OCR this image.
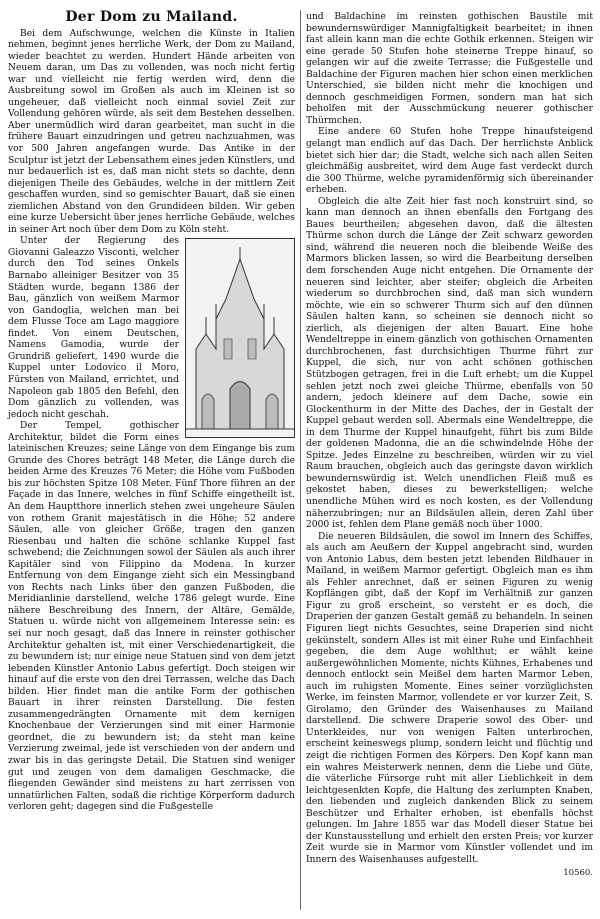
Der Dom zu Mailand.

Bei dem Aufschwunge, welchen die Künste in Italien nehmen, beginnt jenes herrliche Werk, der Dom zu Mailand, wieder beachtet zu werden. Hundert Hände arbeiten von Neuem daran, um Das zu vollenden, was noch nicht fertig war und vielleicht nie fertig werden wird, denn die Ausbreitung sowol im Großen als auch im Kleinen ist so ungeheuer, daß vielleicht noch einmal soviel Zeit zur Vollendung gehören würde, als seit dem Bestehen desselben. Aber unermüdlich wird daran gearbeitet, man sucht in die frühere Bauart einzudringen und getreu nachzuahmen, was vor 500 Jahren angefangen wurde. Das Antike in der Sculptur ist jetzt der Lebensathem eines jeden Künstlers, und nur bedauerlich ist es, daß man nicht stets so dachte, denn diejenigen Theile des Gebäudes, welche in der mittlern Zeit geschaffen wurden, sind so gemischter Bauart, daß sie einen ziemlichen Abstand von den Grundideen bilden. Wir geben eine kurze Uebersicht über jenes herrliche Gebäude, welches in seiner Art noch über dem Dom zu Köln steht.

Unter der Regierung des Giovanni Galeazzo Visconti, welcher durch den Tod seines Onkels Barnabo alleiniger Besitzer von 35 Städten wurde, begann 1386 der Bau, gänzlich von weißem Marmor von Gandoglia, welchen man bei dem Flusse Toce am Lago maggiore findet. Von einem Deutschen, Namens Gamodia, wurde der Grundriß geliefert, 1490 wurde die Kuppel unter Lodovico il Moro, Fürsten von Mailand, errichtet, und Napoleon gab 1805 den Befehl, den Dom gänzlich zu vollenden, was jedoch nicht geschah.

Der Tempel, gothischer Architektur, bildet die Form eines lateinischen Kreuzes; seine Länge von dem Eingange bis zum Grunde des Chores beträgt 148 Meter, die Länge durch die beiden Arme des Kreuzes 76 Meter; die Höhe vom Fußboden bis zur höchsten Spitze 108 Meter. Fünf Thore führen an der Façade in das Innere, welches in fünf Schiffe eingetheilt ist. An dem Hauptthore innerlich stehen zwei ungeheure Säulen von rothem Granit majestätisch in die Höhe; 52 andere Säulen, alle von gleicher Größe, tragen den ganzen Riesenbau und halten die schöne schlanke Kuppel fast schwebend; die Zeichnungen sowol der Säulen als auch ihrer Kapitäler sind von Filippino da Modena. In kurzer Entfernung von dem Eingange zieht sich ein Messingband von Rechts nach Links über den ganzen Fußboden, die Meridianlinie darstellend, welche 1786 gelegt wurde. Eine nähere Beschreibung des Innern, der Altäre, Gemälde, Statuen u. würde nicht von allgemeinem Interesse sein: es sei nur noch gesagt, daß das Innere in reinster gothischer Architektur gehalten ist, mit einer Verschiedenartigkeit, die zu bewundern ist; nur einige neue Statuen sind von dem jetzt lebenden Künstler Antonio Labus gefertigt. Doch steigen wir hinauf auf die erste von den drei Terrassen, welche das Dach bilden. Hier findet man die antike Form der gothischen Bauart in ihrer reinsten Darstellung. Die festen zusammengedrängten Ornamente mit dem kernigen Knochenbaue der Verzierungen sind mit einer Harmonie geordnet, die zu bewundern ist; da steht man keine Verzierung zweimal, jede ist verschieden von der andern und zwar bis in das geringste Detail. Die Statuen sind weniger gut und zeugen von dem damaligen Geschmacke, die fliegenden Gewänder sind meistens zu hart zerrissen von unnatürlichen Falten, sodaß die richtige Körperform dadurch verloren geht; dagegen sind die Fußgestelle

und Baldachine im reinsten gothischen Baustile mit bewundernswürdiger Mannigfaltigkeit bearbeitet; in ihnen fast allein kann man die echte Gothik erkennen. Steigen wir eine gerade 50 Stufen hohe steinerne Treppe hinauf, so gelangen wir auf die zweite Terrasse; die Fußgestelle und Baldachine der Figuren machen hier schon einen merklichen Unterschied, sie bilden nicht mehr die knochigen und dennoch geschmeidigen Formen, sondern man hat sich beholfen mit der Ausschmückung neuerer gothischer Thürmchen.

Eine andere 60 Stufen hohe Treppe hinaufsteigend gelangt man endlich auf das Dach. Der herrlichste Anblick bietet sich hier dar; die Stadt, welche sich nach allen Seiten gleichmäßig ausbreitet, wird dem Auge fast verdeckt durch die 300 Thürme, welche pyramidenförmig sich übereinander erheben.

Obgleich die alte Zeit hier fast noch konstruirt sind, so kann man dennoch an ihnen ebenfalls den Fortgang des Baues beurtheilen; abgesehen davon, daß die ältesten Thürme schon durch die Länge der Zeit schwarz geworden sind, während die neueren noch die bleibende Weiße des Marmors blicken lassen, so wird die Bearbeitung derselben dem forschenden Auge nicht entgehen. Die Ornamente der neueren sind leichter, aber steifer; obgleich die Arbeiten wiederum so durchbrochen sind, daß man sich wundern möchte, wie ein so schwerer Thurm sich auf den dünnen Säulen halten kann, so scheinen sie dennoch nicht so zierlich, als diejenigen der alten Bauart. Eine hohe Wendeltreppe in einem gänzlich von gothischen Ornamenten durchbrochenen, fast durchsichtigen Thurme führt zur Kuppel, die sich, nur von acht schönen gothischen Stützbogen getragen, frei in die Luft erhebt; um die Kuppel sehlen jetzt noch zwei gleiche Thürme, ebenfalls von 50 andern, jedoch kleinere auf dem Dache, sowie ein Glockenthurm in der Mitte des Daches, der in Gestalt der Kuppel gebaut werden soll. Abermals eine Wendeltreppe, die in dem Thurme der Kuppel hinaufgeht, führt bis zum Bilde der goldenen Madonna, die an die schwindelnde Höhe der Spitze. Jedes Einzelne zu beschreiben, würden wir zu viel Raum brauchen, obgleich auch das geringste davon wirklich bewundernswürdig ist. Welch unendlichen Fleiß muß es gekostet haben, dieses zu bewerkstelligen; welche unendliche Mühen wird es noch kosten, es der Vollendung näherzubringen; nur an Bildsäulen allein, deren Zahl über 2000 ist, fehlen dem Plane gemäß noch über 1000.

Die neueren Bildsäulen, die sowol im Innern des Schiffes, als auch am Aeußern der Kuppel angebracht sind, wurden von Antonio Labus, dem besten jetzt lebenden Bildhauer in Mailand, in weißem Marmor gefertigt. Obgleich man es ihm als Fehler anrechnet, daß er seinen Figuren zu wenig Kopflängen gibt, daß der Kopf im Verhältniß zur ganzen Figur zu groß erscheint, so versteht er es doch, die Draperien der ganzen Gestalt gemäß zu behandeln. In seinen Figuren liegt nichts Gesuchtes, seine Draperien sind nicht gekünstelt, sondern Alles ist mit einer Ruhe und Einfachheit gegeben, die dem Auge wohlthut; er wählt keine außergewöhnlichen Momente, nichts Kühnes, Erhabenes und dennoch entlockt sein Meißel dem harten Marmor Leben, auch im ruhigsten Momente. Eines seiner vorzüglichsten Werke, im feinsten Marmor, vollendete er vor kurzer Zeit, S. Girolamo, den Gründer des Waisenhauses zu Mailand darstellend. Die schwere Draperie sowol des Ober- und Unterkleides, nur von wenigen Falten unterbrochen, erscheint keineswegs plump, sondern leicht und flüchtig und zeigt die richtigen Formen des Körpers. Den Kopf kann man ein wahres Meisterwerk nennen, denn die Liebe und Güte, die väterliche Fürsorge ruht mit aller Lieblichkeit in dem leichtgesenkten Kopfe, die Haltung des zerlumpten Knaben, den liebenden und zugleich dankenden Blick zu seinem Beschützer und Erhalter erhoben, ist ebenfalls höchst gelungen. Im Jahre 1855 war das Modell dieser Statue bei der Kunstausstellung und erhielt den ersten Preis; vor kurzer Zeit wurde sie in Marmor vom Künstler vollendet und im Innern des Waisenhauses aufgestellt.

10560.
